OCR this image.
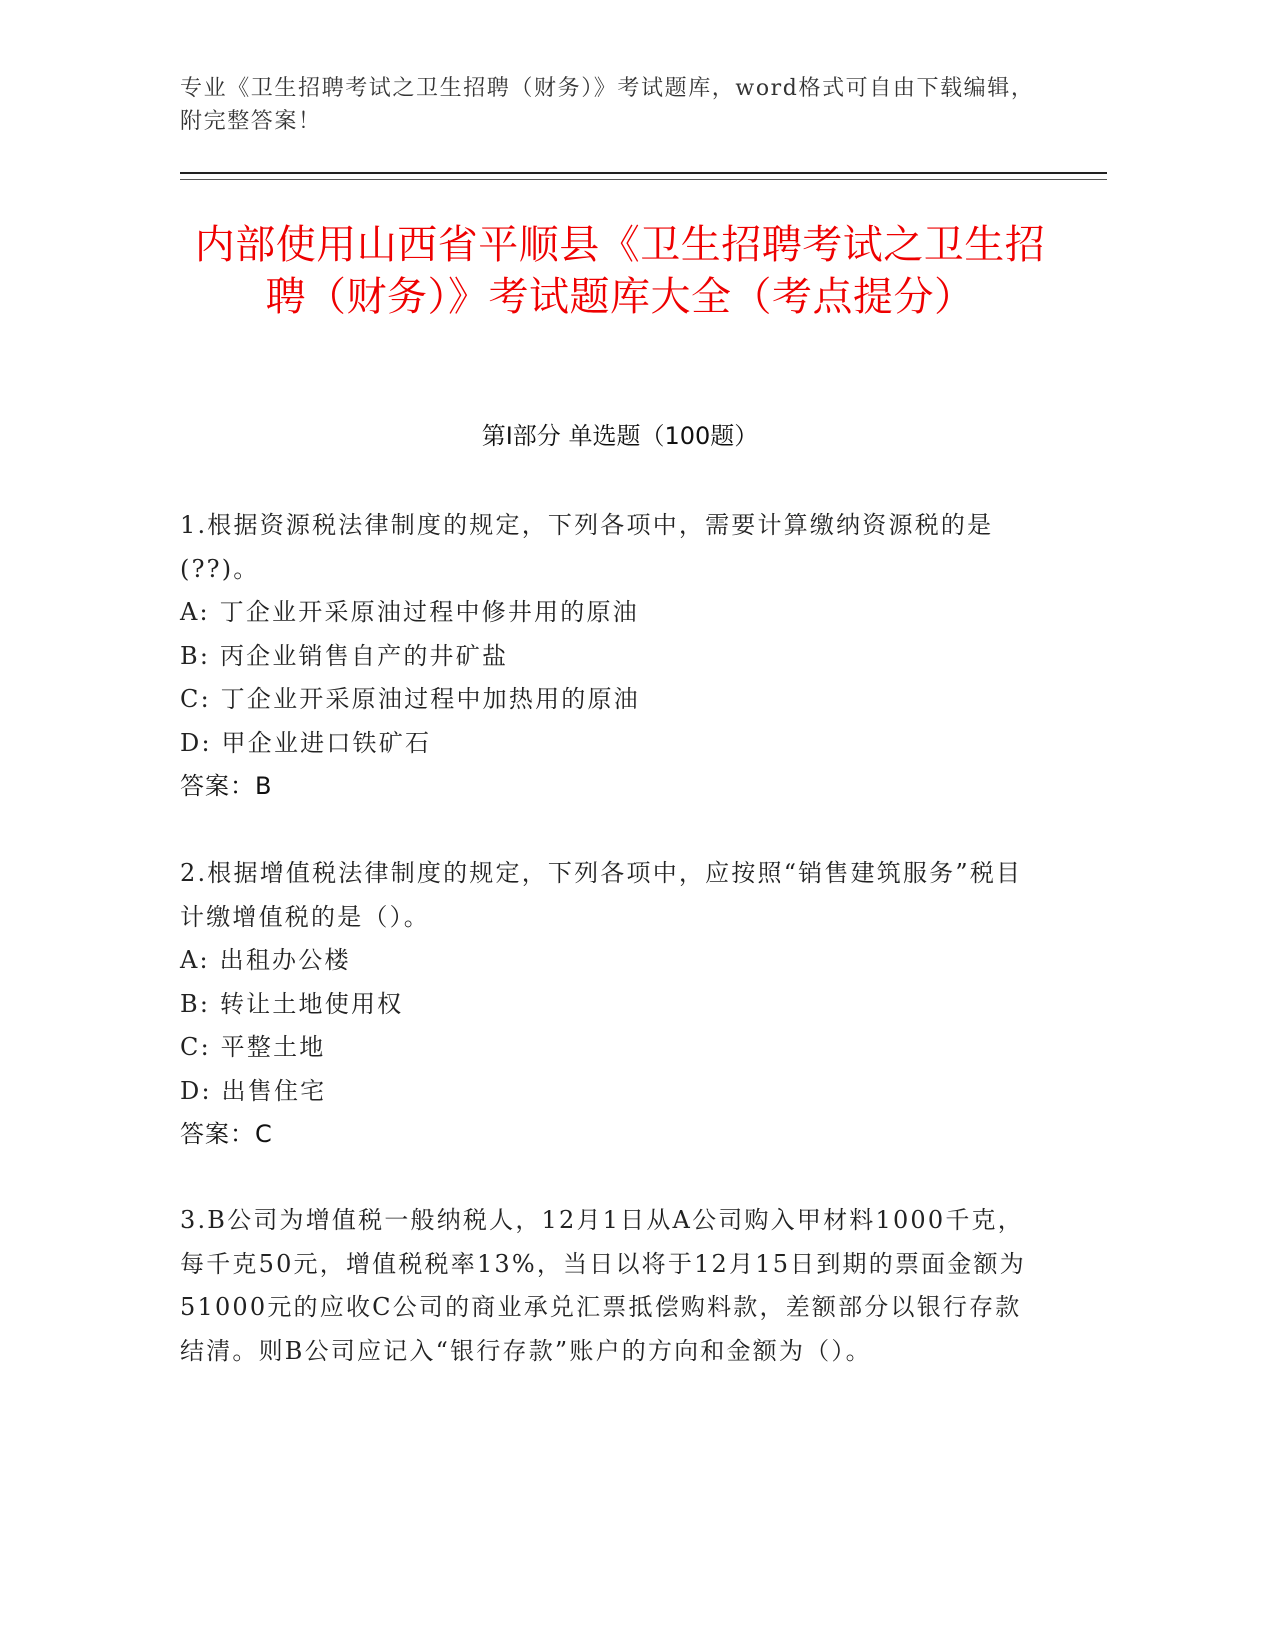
专业《卫生招聘考试之卫生招聘（财务）》考试题库，word格式可自由下载编辑，附完整答案！
内部使用山西省平顺县《卫生招聘考试之卫生招聘（财务）》考试题库大全（考点提分）
第I部分 单选题（100题）

1.根据资源税法律制度的规定，下列各项中，需要计算缴纳资源税的是(??)。

A: 丁企业开采原油过程中修井用的原油

B: 丙企业销售自产的井矿盐

C: 丁企业开采原油过程中加热用的原油

D: 甲企业进口铁矿石

答案：B

2.根据增值税法律制度的规定，下列各项中，应按照“销售建筑服务”税目计缴增值税的是（）。

A: 出租办公楼

B: 转让土地使用权

C: 平整土地

D: 出售住宅

答案：C

3.B公司为增值税一般纳税人，12月1日从A公司购入甲材料1000千克，每千克50元，增值税税率13%，当日以将于12月15日到期的票面金额为51000元的应收C公司的商业承兑汇票抵偿购料款，差额部分以银行存款结清。则B公司应记入“银行存款”账户的方向和金额为（）。
